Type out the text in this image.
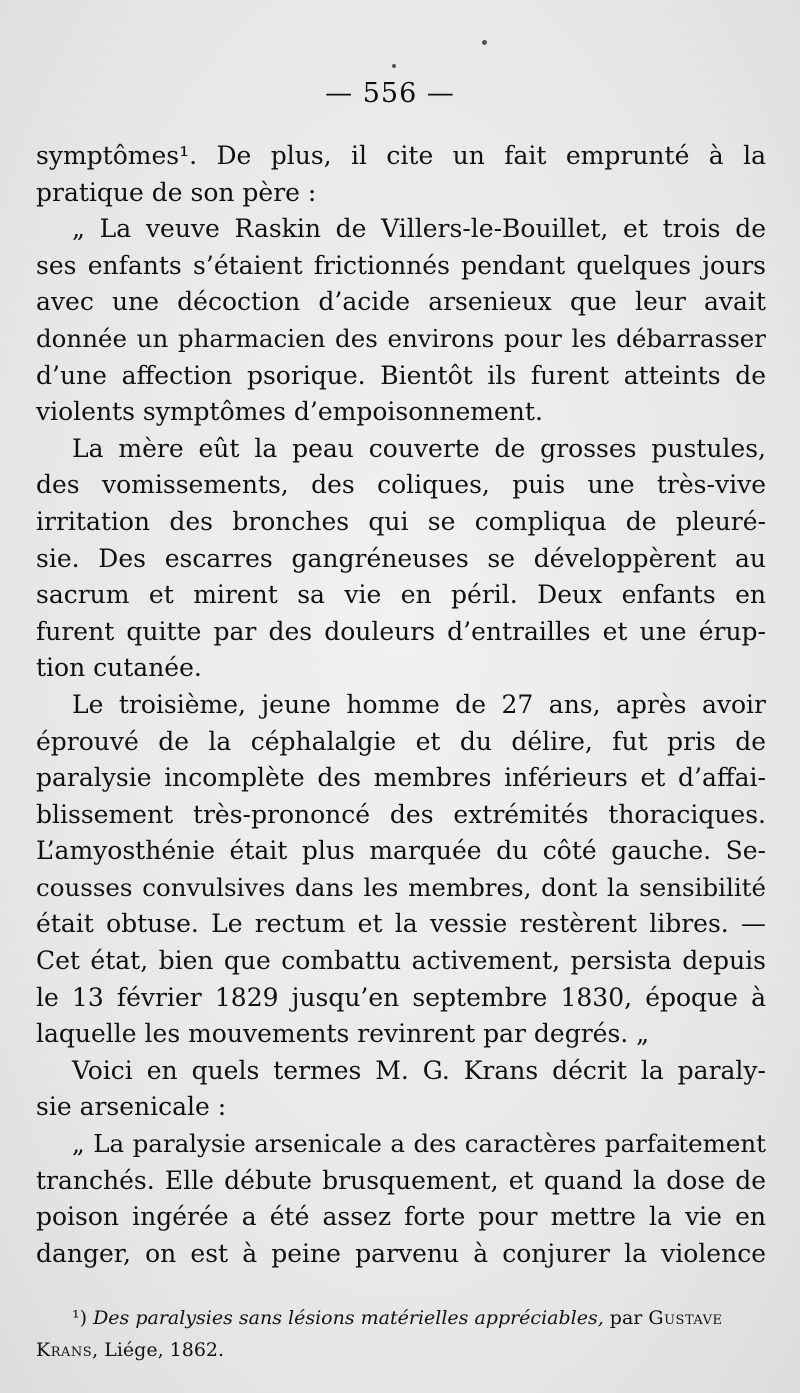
— 556 —
symptômes¹. De plus, il cite un fait emprunté à la
pratique de son père :
„ La veuve Raskin de Villers-le-Bouillet, et trois de
ses enfants s’étaient frictionnés pendant quelques jours
avec une décoction d’acide arsenieux que leur avait
donnée un pharmacien des environs pour les débarrasser
d’une affection psorique. Bientôt ils furent atteints de
violents symptômes d’empoisonnement.
La mère eût la peau couverte de grosses pustules,
des vomissements, des coliques, puis une très-vive
irritation des bronches qui se compliqua de pleuré-
sie. Des escarres gangréneuses se développèrent au
sacrum et mirent sa vie en péril. Deux enfants en
furent quitte par des douleurs d’entrailles et une érup-
tion cutanée.
Le troisième, jeune homme de 27 ans, après avoir
éprouvé de la céphalalgie et du délire, fut pris de
paralysie incomplète des membres inférieurs et d’affai-
blissement très-prononcé des extrémités thoraciques.
L’amyosthénie était plus marquée du côté gauche. Se-
cousses convulsives dans les membres, dont la sensibilité
était obtuse. Le rectum et la vessie restèrent libres. —
Cet état, bien que combattu activement, persista depuis
le 13 février 1829 jusqu’en septembre 1830, époque à
laquelle les mouvements revinrent par degrés. „
Voici en quels termes M. G. Krans décrit la paraly-
sie arsenicale :
„ La paralysie arsenicale a des caractères parfaitement
tranchés. Elle débute brusquement, et quand la dose de
poison ingérée a été assez forte pour mettre la vie en
danger, on est à peine parvenu à conjurer la violence
¹) Des paralysies sans lésions matérielles appréciables, par Gustave
Krans, Liége, 1862.
